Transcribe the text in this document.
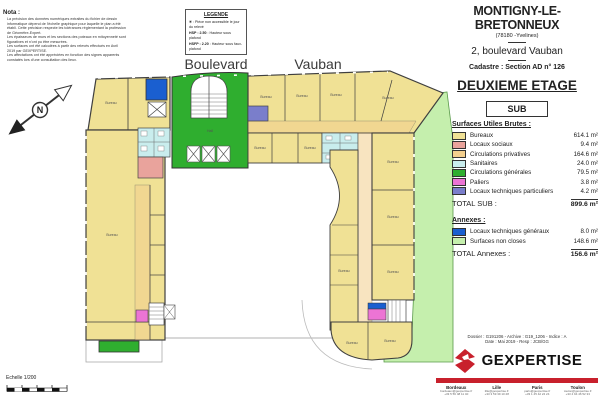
Boulevard	Vauban
Bureau
Bureau	Bureau	Bureau
Bureau
Bureau
Bureau	Bureau
Bureau
Bureau
Bureau
Bureau
Bureau	Bureau
Hall
N
Nota :

La précision des données numériques extraites du fichier de dessin

informatique dépend de l'échelle graphique pour laquelle le plan a été

établi. Cette précision respecte les tolérances réglementant la profession

de Géomètre-Expert.

Les épaisseurs de murs et les sections des poteaux en mitoyenneté sont

figuratives et n'ont pu être mesurées.

Les surfaces ont été calculées à partir des relevés effectués en Avril

2019 par GEXPERTISE.

Les affectations ont été appréciées en fonction des signes apparents

constatés lors d'une consultation des lieux.

LEGENDE
✳ : Pièce non accessible le jour du relevé
HSP : 2.50 : Hauteur sous plafond
HSFP : 2.20 : Hauteur sous faux-plafond
MONTIGNY-LE-BRETONNEUX
(78180 -Yvelines)
2, boulevard Vauban
Cadastre : Section AD n° 126
DEUXIEME ETAGE
SUB
Surfaces Utiles Brutes :
Bureaux	614.1 m²
Locaux sociaux	9.4 m²
Circulations privatives	164.6 m²
Sanitaires	24.0 m²
Circulations générales	79.5 m²
Paliers	3.8 m²
Locaux techniques particuliers	4.2 m²
TOTAL SUB :	899.6 m²
Annexes :
Locaux techniques généraux	8.0 m²
Surfaces non closes	148.6 m²
TOTAL Annexes :	156.6 m²
Dossier : G191206 - Archive : G19_1206 - Indice : A
Date : Mai 2019 - Resp : JCB/GG
GEXPERTISE
Bordeaux
bordeaux@gexpertise.fr
+33 5 56 48 11 40
Lille
lille@gexpertise.fr
+33 3 59 39 10 28
Paris
paris@gexpertise.fr
+33 1 45 42 24 24
Toulon
toulon@gexpertise.fr
+33 4 94 46 52 33
Echelle 1/200
